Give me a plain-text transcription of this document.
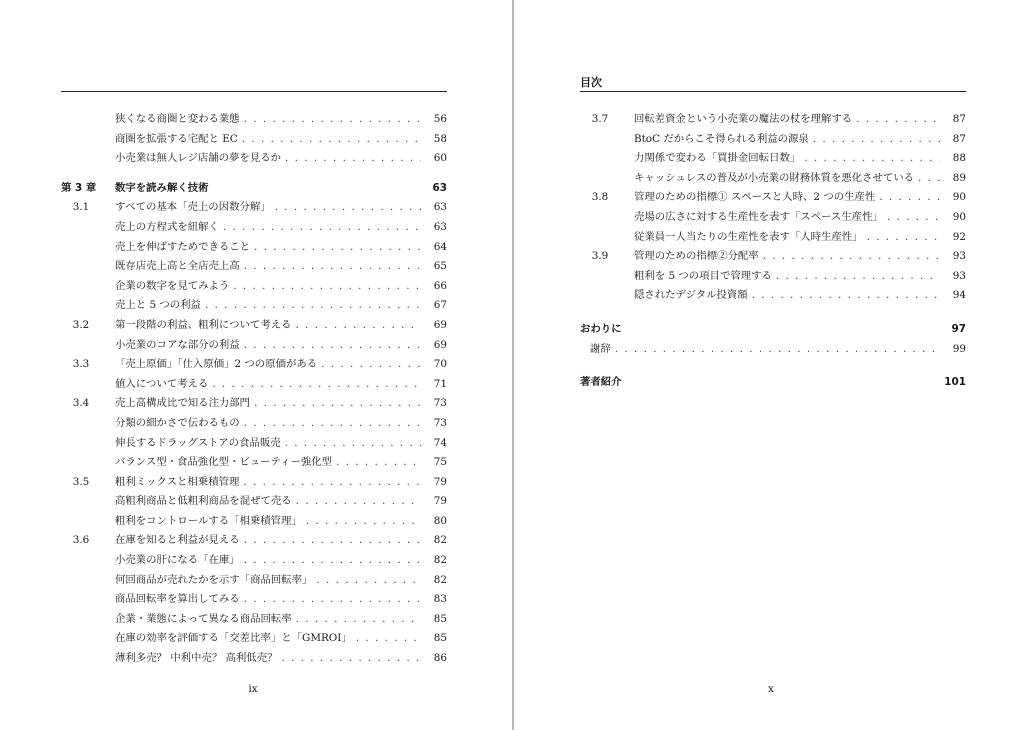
狭くなる商圏と変わる業態 . . .	56
商圏を拡張する宅配と EC . . .	58
小売業は無人レジ店舗の夢を見るか . . .	60
第 3 章	数字を読み解く技術	63
3.1	すべての基本「売上の因数分解」 . . .	63
売上の方程式を紐解く . . .	63
売上を伸ばすためできること . . .	64
既存店売上高と全店売上高 . . .	65
企業の数字を見てみよう . . .	66
売上と 5 つの利益 . . .	67
3.2	第一段階の利益、粗利について考える . . .	69
小売業のコアな部分の利益 . . .	69
3.3	「売上原価」「仕入原価」2 つの原価がある . . .	70
値入について考える . . .	71
3.4	売上高構成比で知る注力部門 . . .	73
分類の細かさで伝わるもの . . .	73
伸長するドラッグストアの食品販売 . . .	74
バランス型・食品強化型・ビューティー強化型 . . .	75
3.5	粗利ミックスと相乗積管理 . . .	79
高粗利商品と低粗利商品を混ぜて売る . . .	79
粗利をコントロールする「相乗積管理」 . . .	80
3.6	在庫を知ると利益が見える . . .	82
小売業の肝になる「在庫」 . . .	82
何回商品が売れたかを示す「商品回転率」 . . .	82
商品回転率を算出してみる . . .	83
企業・業態によって異なる商品回転率 . . .	85
在庫の効率を評価する「交差比率」と「GMROI」 . . .	85
薄利多売？ 中利中売？ 高利低売？ . . .	86
ix
目次
3.7	回転差資金という小売業の魔法の杖を理解する . . .	87
BtoC だからこそ得られる利益の源泉 . . .	87
力関係で変わる「買掛金回転日数」 . . .	88
キャッシュレスの普及が小売業の財務体質を悪化させている . . .	89
3.8	管理のための指標① スペースと人時、2 つの生産性 . . .	90
売場の広さに対する生産性を表す「スペース生産性」 . . .	90
従業員一人当たりの生産性を表す「人時生産性」 . . .	92
3.9	管理のための指標②分配率 . . .	93
粗利を 5 つの項目で管理する . . .	93
隠されたデジタル投資額 . . .	94
おわりに	97
謝辞 . . .	99
著者紹介	101
x
